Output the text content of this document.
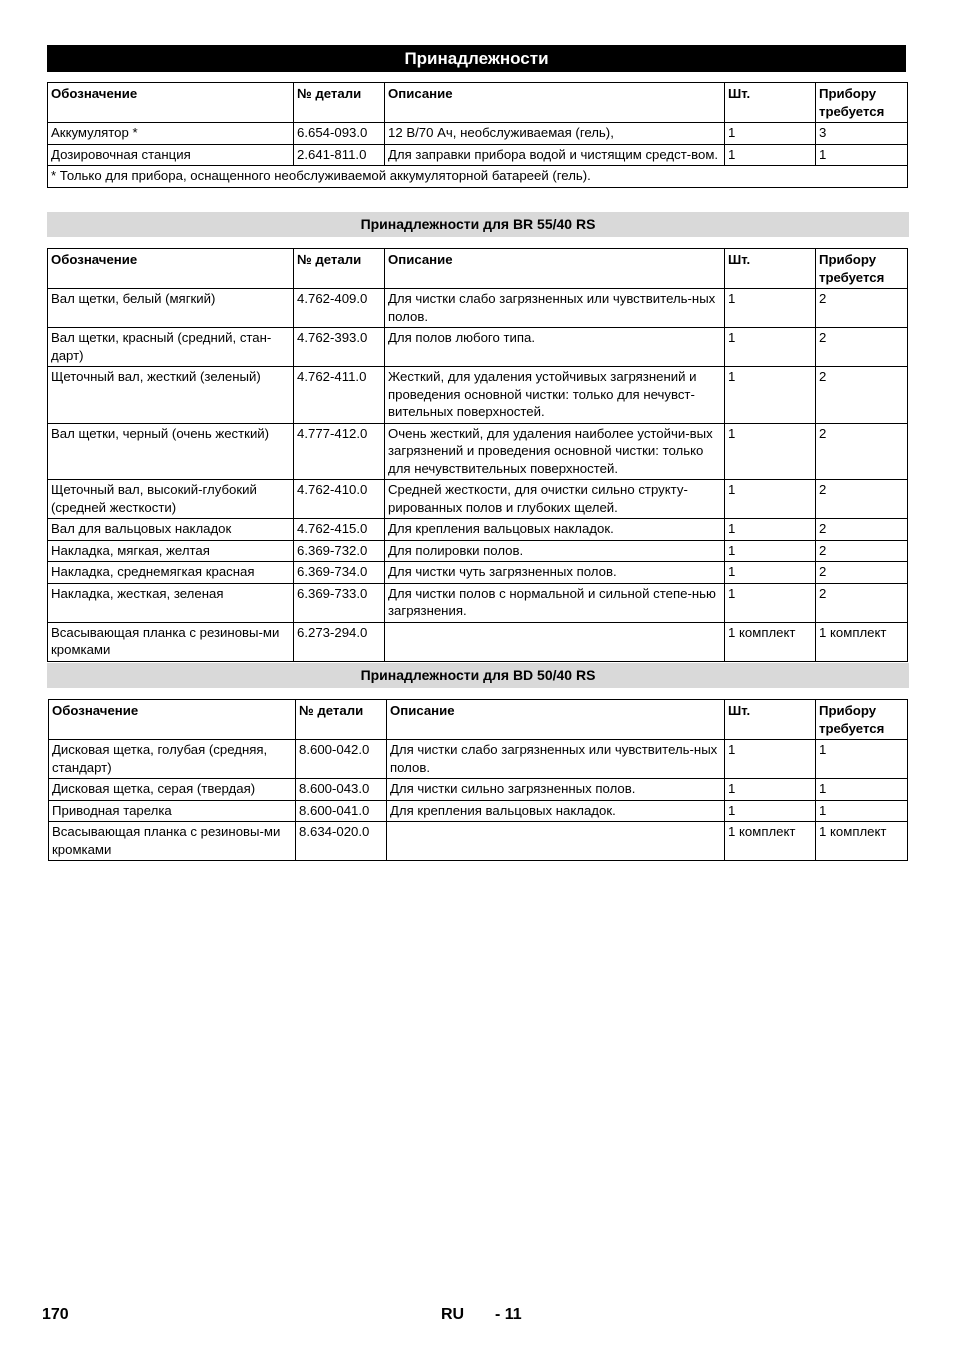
Принадлежности
Обозначение	№ детали	Описание	Шт.	Прибору
требуется
Аккумулятор *	6.654-093.0	12 В/70 Ач, необслуживаемая (гель),	1	3
Дозировочная станция	2.641-811.0	Для заправки прибора водой и чистящим средст-вом.	1	1
* Только для прибора, оснащенного необслуживаемой аккумуляторной батареей (гель).				
Принадлежности для BR 55/40 RS
Обозначение	№ детали	Описание	Шт.	Прибору
требуется
Вал щетки, белый (мягкий)	4.762-409.0	Для чистки слабо загрязненных или чувствитель-ных полов.	1	2
Вал щетки, красный (средний, стан-дарт)	4.762-393.0	Для полов любого типа.	1	2
Щеточный вал, жесткий (зеленый)	4.762-411.0	Жесткий, для удаления устойчивых загрязнений и проведения основной чистки: только для нечувст-вительных поверхностей.	1	2
Вал щетки, черный (очень жесткий)	4.777-412.0	Очень жесткий, для удаления наиболее устойчи-вых загрязнений и проведения основной чистки: только для нечувствительных поверхностей.	1	2
Щеточный вал, высокий-глубокий (средней жесткости)	4.762-410.0	Средней жесткости, для очистки сильно структу-рированных полов и глубоких щелей.	1	2
Вал для вальцовых накладок	4.762-415.0	Для крепления вальцовых накладок.	1	2
Накладка, мягкая, желтая	6.369-732.0	Для полировки полов.	1	2
Накладка, среднемягкая красная	6.369-734.0	Для чистки чуть загрязненных полов.	1	2
Накладка, жесткая, зеленая	6.369-733.0	Для чистки полов с нормальной и сильной степе-нью загрязнения.	1	2
Всасывающая планка с резиновы-ми кромками	6.273-294.0		1 комплект	1 комплект
Принадлежности для BD 50/40 RS
Обозначение	№ детали	Описание	Шт.	Прибору
требуется
Дисковая щетка, голубая (средняя, стандарт)	8.600-042.0	Для чистки слабо загрязненных или чувствитель-ных полов.	1	1
Дисковая щетка, серая (твердая)	8.600-043.0	Для чистки сильно загрязненных полов.	1	1
Приводная тарелка	8.600-041.0	Для крепления вальцовых накладок.	1	1
Всасывающая планка с резиновы-ми кромками	8.634-020.0		1 комплект	1 комплект
170	RU - 11
